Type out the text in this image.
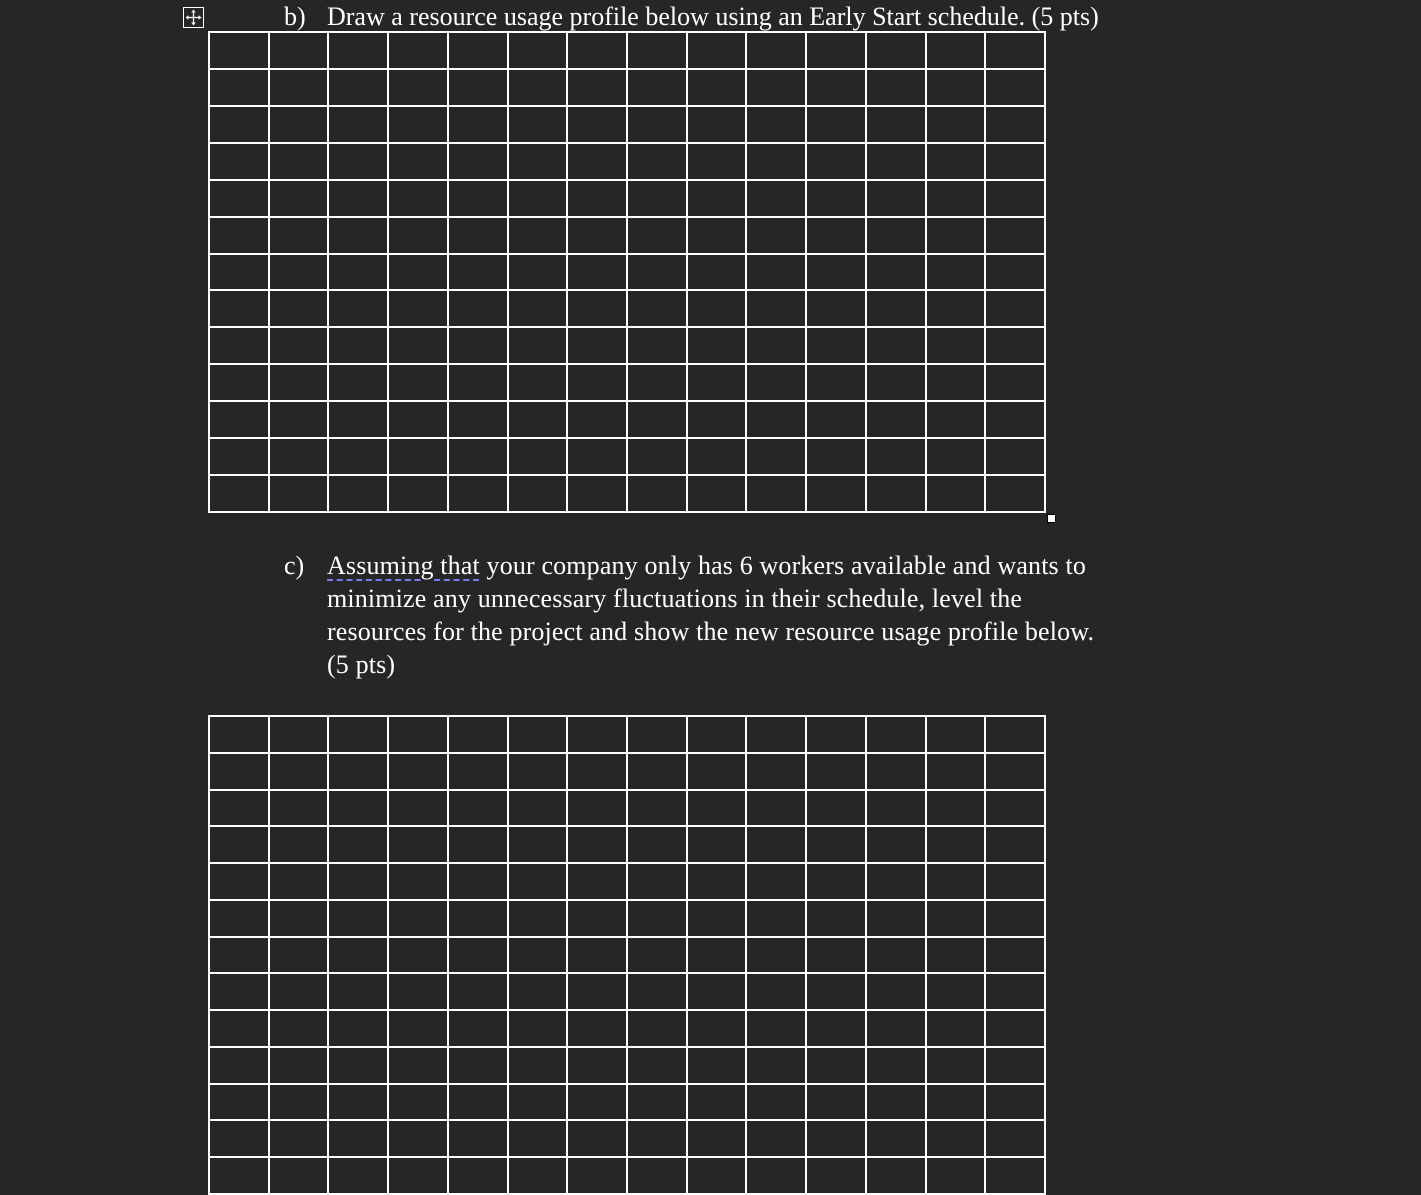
b) Draw a resource usage profile below using an Early Start schedule. (5 pts)
c) Assuming that your company only has 6 workers available and wants to
minimize any unnecessary fluctuations in their schedule, level the
resources for the project and show the new resource usage profile below.
(5 pts)
